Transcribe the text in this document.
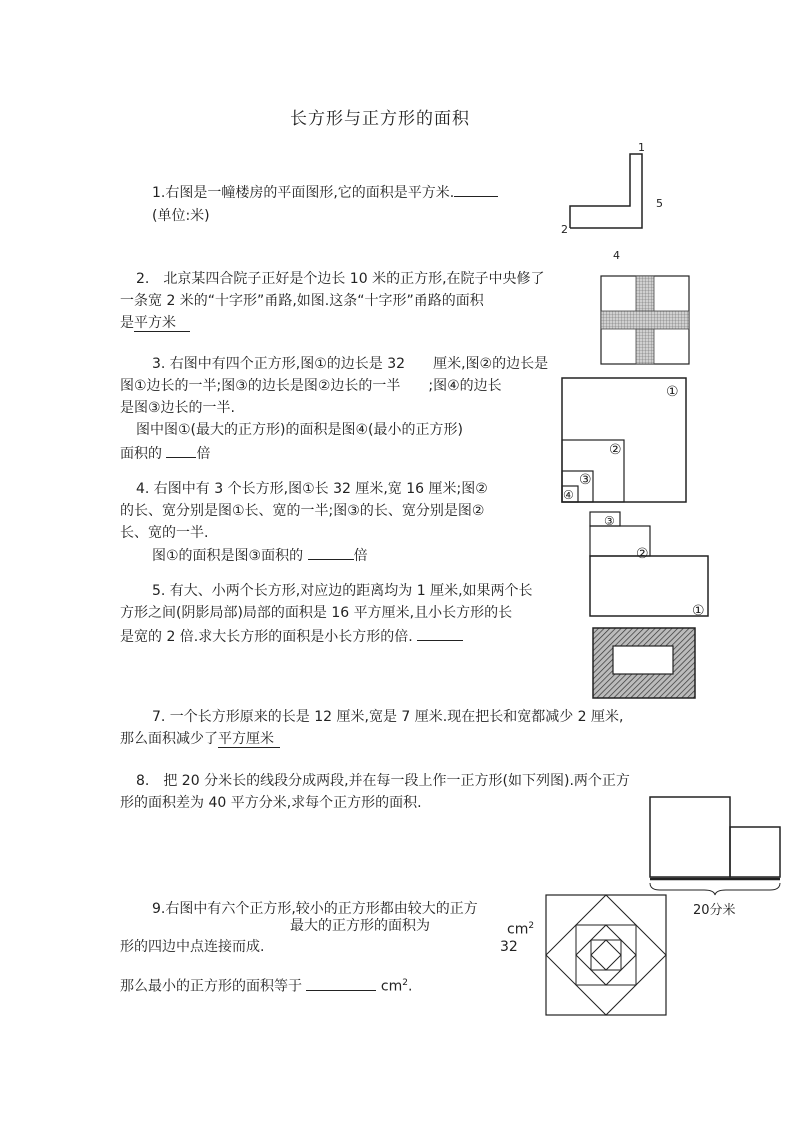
长方形与正方形的面积
1.右图是一幢楼房的平面图形,它的面积是平方米.
(单位:米)
1
5
2
4
2.　北京某四合院子正好是个边长 10 米的正方形,在院子中央修了
一条宽 2 米的“十字形”甬路,如图.这条“十字形”甬路的面积
是平方米
3. 右图中有四个正方形,图①的边长是 32　　厘米,图②的边长是
图①边长的一半;图③的边长是图②边长的一半　　;图④的边长
是图③边长的一半.
图中图①(最大的正方形)的面积是图④(最小的正方形)
面积的 倍
①
②
③
④
4. 右图中有 3 个长方形,图①长 32 厘米,宽 16 厘米;图②
的长、宽分别是图①长、宽的一半;图③的长、宽分别是图②
长、宽的一半.
图①的面积是图③面积的	倍
③
②
①
5. 有大、小两个长方形,对应边的距离均为 1 厘米,如果两个长
方形之间(阴影局部)局部的面积是 16 平方厘米,且小长方形的长
是宽的 2 倍.求大长方形的面积是小长方形的倍.
7. 一个长方形原来的长是 12 厘米,宽是 7 厘米.现在把长和宽都减少 2 厘米,
那么面积减少了平方厘米
8.　把 20 分米长的线段分成两段,并在每一段上作一正方形(如下列图).两个正方
形的面积差为 40 平方分米,求每个正方形的面积.
20分米
9.右图中有六个正方形,较小的正方形都由较大的正方
最大的正方形的面积为	$cm^2$
形的四边中点连接而成.	32
那么最小的正方形的面积等于	$cm^2$.
